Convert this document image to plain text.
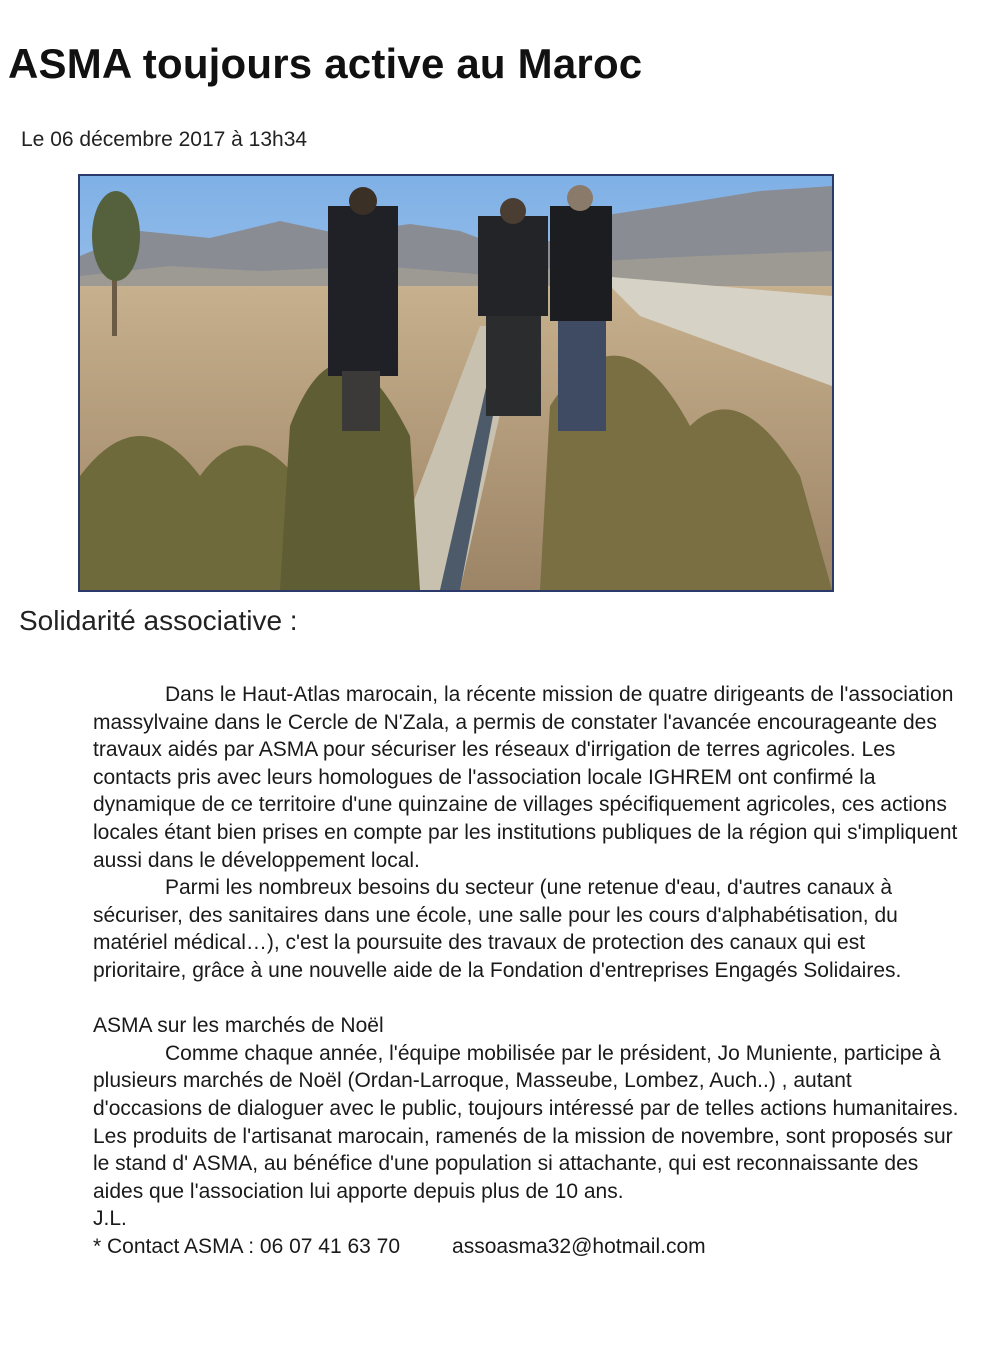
ASMA toujours active au Maroc
Le 06 décembre 2017 à 13h34
Solidarité associative :

Dans le Haut-Atlas marocain, la récente mission de quatre dirigeants de l'association massylvaine dans le Cercle de N'Zala, a permis de constater l'avancée encourageante des travaux aidés par ASMA pour sécuriser les réseaux d'irrigation de terres agricoles. Les contacts pris avec leurs homologues de l'association locale IGHREM ont confirmé la dynamique de ce territoire d'une quinzaine de villages spécifiquement agricoles, ces actions locales étant bien prises en compte par les institutions publiques de la région qui s'impliquent aussi dans le développement local.

Parmi les nombreux besoins du secteur (une retenue d'eau, d'autres canaux à sécuriser, des sanitaires dans une école, une salle pour les cours d'alphabétisation, du matériel médical…), c'est la poursuite des travaux de protection des canaux qui est prioritaire, grâce à une nouvelle aide de la Fondation d'entreprises Engagés Solidaires.

ASMA sur les marchés de Noël

Comme chaque année, l'équipe mobilisée par le président, Jo Muniente, participe à plusieurs marchés de Noël (Ordan-Larroque, Masseube, Lombez, Auch..) , autant d'occasions de dialoguer avec le public, toujours intéressé par de telles actions humanitaires. Les produits de l'artisanat marocain, ramenés de la mission de novembre, sont proposés sur le stand d' ASMA, au bénéfice d'une population si attachante, qui est reconnaissante des aides que l'association lui apporte depuis plus de 10 ans.

J.L.

* Contact ASMA : 06 07 41 63 70 assoasma32@hotmail.com
